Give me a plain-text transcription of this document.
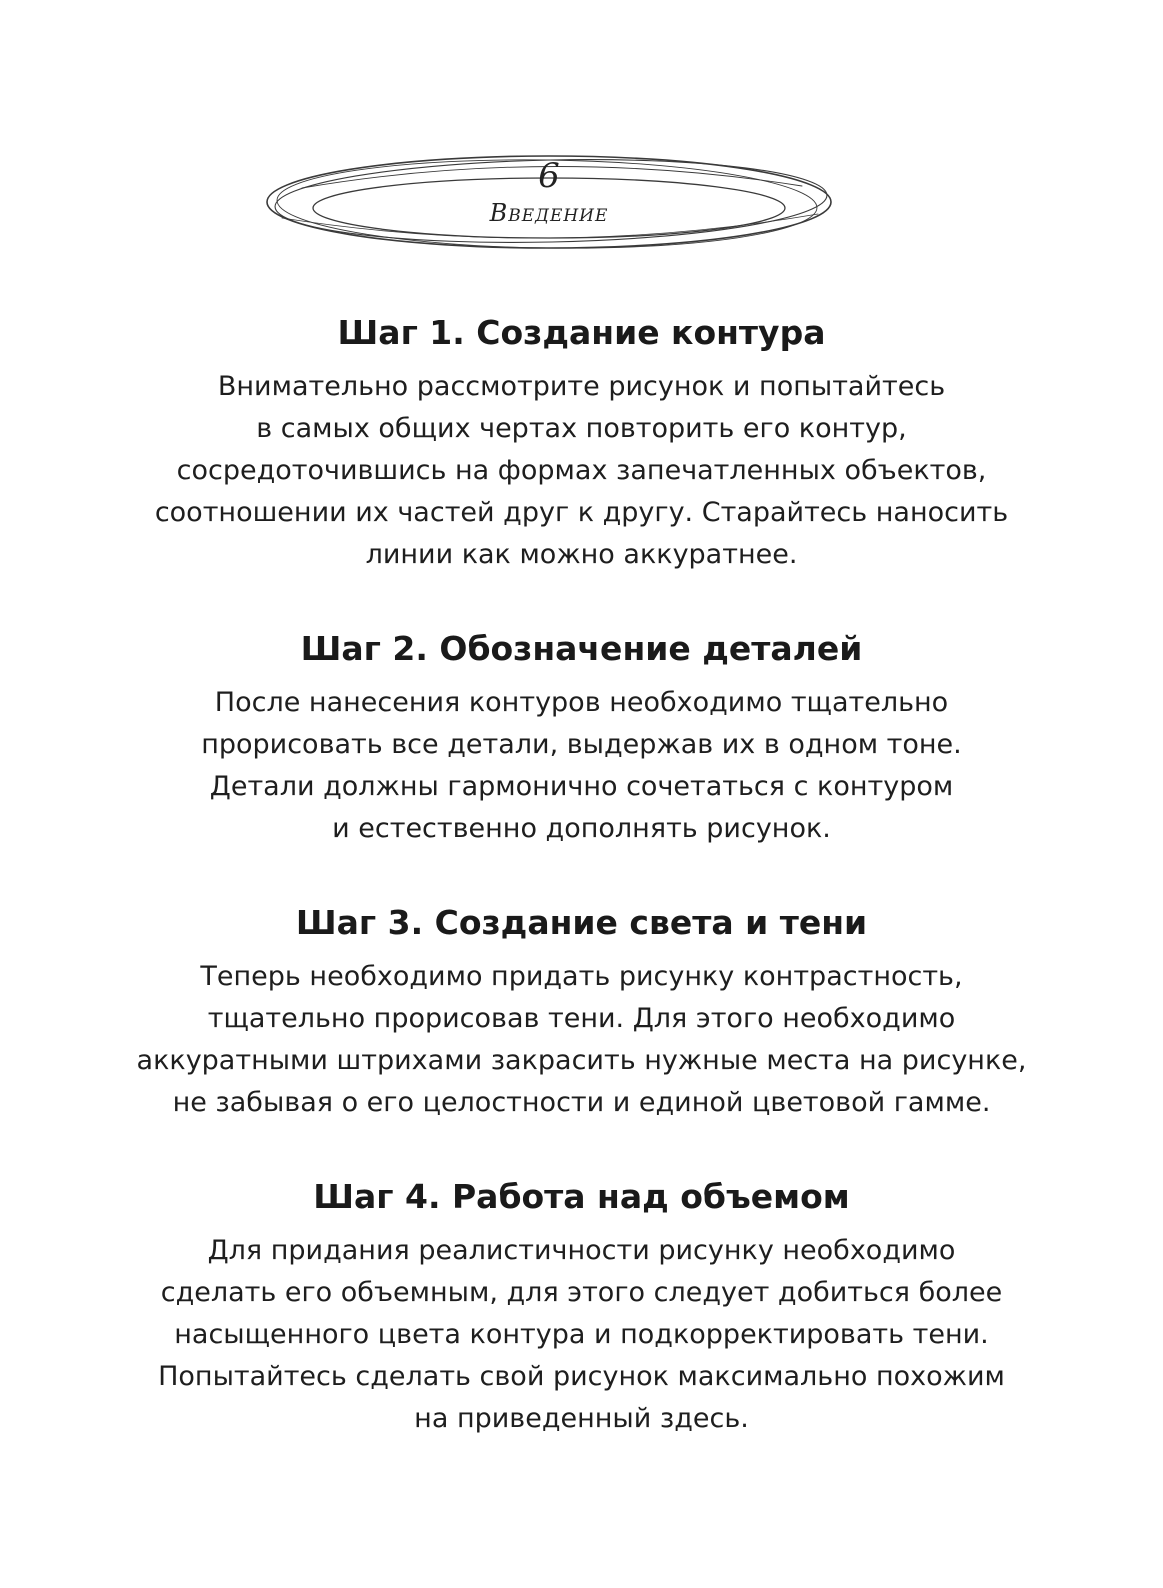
6
Введение
Шаг 1. Создание контура
Внимательно рассмотрите рисунок и попытайтесь
в самых общих чертах повторить его контур,
сосредоточившись на формах запечатленных объектов,
соотношении их частей друг к другу. Старайтесь наносить
линии как можно аккуратнее.
Шаг 2. Обозначение деталей
После нанесения контуров необходимо тщательно
прорисовать все детали, выдержав их в одном тоне.
Детали должны гармонично сочетаться с контуром
и естественно дополнять рисунок.
Шаг 3. Создание света и тени
Теперь необходимо придать рисунку контрастность,
тщательно прорисовав тени. Для этого необходимо
аккуратными штрихами закрасить нужные места на рисунке,
не забывая о его целостности и единой цветовой гамме.
Шаг 4. Работа над объемом
Для придания реалистичности рисунку необходимо
сделать его объемным, для этого следует добиться более
насыщенного цвета контура и подкорректировать тени.
Попытайтесь сделать свой рисунок максимально похожим
на приведенный здесь.
